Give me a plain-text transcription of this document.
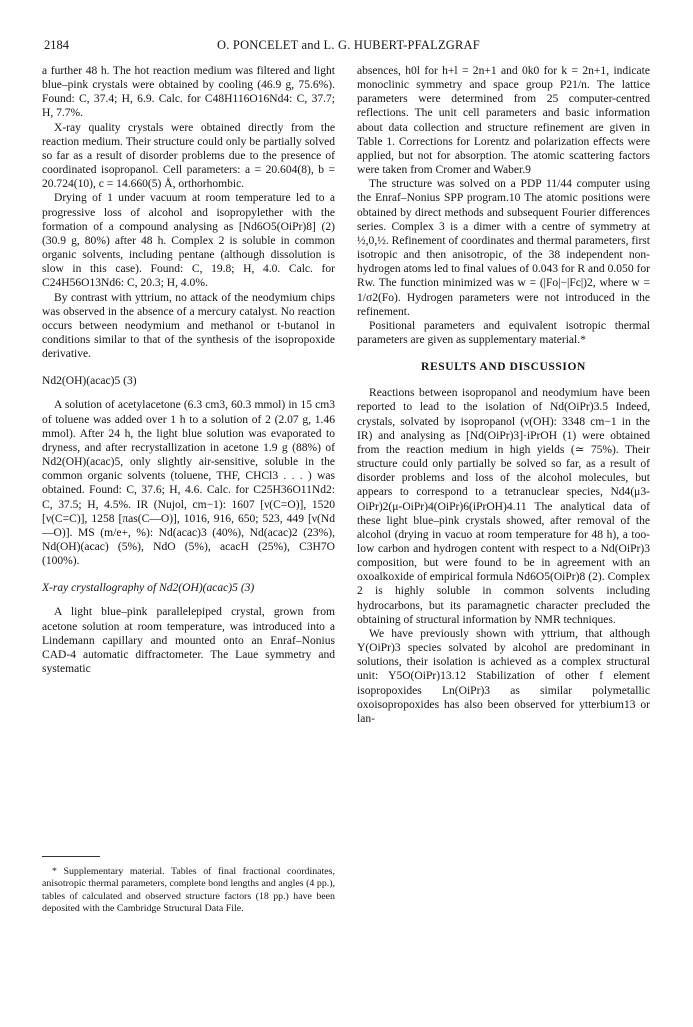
2184	O. PONCELET and L. G. HUBERT-PFALZGRAF

a further 48 h. The hot reaction medium was filtered and light blue–pink crystals were obtained by cooling (46.9 g, 75.6%). Found: C, 37.4; H, 6.9. Calc. for C48H116O16Nd4: C, 37.7; H, 7.7%.

X-ray quality crystals were obtained directly from the reaction medium. Their structure could only be partially solved so far as a result of disorder problems due to the presence of coordinated isopropanol. Cell parameters: a = 20.604(8), b = 20.724(10), c = 14.660(5) Å, orthorhombic.

Drying of 1 under vacuum at room temperature led to a progressive loss of alcohol and isopropylether with the formation of a compound analysing as [Nd6O5(OiPr)8] (2) (30.9 g, 80%) after 48 h. Complex 2 is soluble in common organic solvents, including pentane (although dissolution is slow in this case). Found: C, 19.8; H, 4.0. Calc. for C24H56O13Nd6: C, 20.3; H, 4.0%.

By contrast with yttrium, no attack of the neodymium chips was observed in the absence of a mercury catalyst. No reaction occurs between neodymium and methanol or t-butanol in conditions similar to that of the synthesis of the isopropoxide derivative.

Nd2(OH)(acac)5 (3)

A solution of acetylacetone (6.3 cm3, 60.3 mmol) in 15 cm3 of toluene was added over 1 h to a solution of 2 (2.07 g, 1.46 mmol). After 24 h, the light blue solution was evaporated to dryness, and after recrystallization in acetone 1.9 g (88%) of Nd2(OH)(acac)5, only slightly air-sensitive, soluble in the common organic solvents (toluene, THF, CHCl3 . . . ) was obtained. Found: C, 37.6; H, 4.6. Calc. for C25H36O11Nd2: C, 37.5; H, 4.5%. IR (Nujol, cm−1): 1607 [ν(C=O)], 1520 [ν(C=C)], 1258 [πas(C—O)], 1016, 916, 650; 523, 449 [ν(Nd—O)]. MS (m/e+, %): Nd(acac)3 (40%), Nd(acac)2 (23%), Nd(OH)(acac) (5%), NdO (5%), acacH (25%), C3H7O (100%).

X-ray crystallography of Nd2(OH)(acac)5 (3)

A light blue–pink parallelepiped crystal, grown from acetone solution at room temperature, was introduced into a Lindemann capillary and mounted onto an Enraf–Nonius CAD-4 automatic diffractometer. The Laue symmetry and systematic

* Supplementary material. Tables of final fractional coordinates, anisotropic thermal parameters, complete bond lengths and angles (4 pp.), tables of calculated and observed structure factors (18 pp.) have been deposited with the Cambridge Structural Data File.

absences, h0l for h+l = 2n+1 and 0k0 for k = 2n+1, indicate monoclinic symmetry and space group P21/n. The lattice parameters were determined from 25 computer-centred reflections. The unit cell parameters and basic information about data collection and structure refinement are given in Table 1. Corrections for Lorentz and polarization effects were applied, but not for absorption. The atomic scattering factors were taken from Cromer and Waber.9

The structure was solved on a PDP 11/44 computer using the Enraf–Nonius SPP program.10 The atomic positions were obtained by direct methods and subsequent Fourier differences series. Complex 3 is a dimer with a centre of symmetry at ½,0,½. Refinement of coordinates and thermal parameters, first isotropic and then anisotropic, of the 38 independent non-hydrogen atoms led to final values of 0.043 for R and 0.050 for Rw. The function minimized was w = (|Fo|−|Fc|)2, where w = 1/σ2(Fo). Hydrogen parameters were not introduced in the refinement.

Positional parameters and equivalent isotropic thermal parameters are given as supplementary material.*

RESULTS AND DISCUSSION

Reactions between isopropanol and neodymium have been reported to lead to the isolation of Nd(OiPr)3.5 Indeed, crystals, solvated by isopropanol (ν(OH): 3348 cm−1 in the IR) and analysing as [Nd(OiPr)3]·iPrOH (1) were obtained from the reaction medium in high yields (≃ 75%). Their structure could only partially be solved so far, as a result of disorder problems and loss of the alcohol molecules, but appears to correspond to a tetranuclear species, Nd4(μ3-OiPr)2(μ-OiPr)4(OiPr)6(iPrOH)4.11 The analytical data of these light blue–pink crystals showed, after removal of the alcohol (drying in vacuo at room temperature for 48 h), a too-low carbon and hydrogen content with respect to a Nd(OiPr)3 composition, but were found to be in agreement with an oxoalkoxide of empirical formula Nd6O5(OiPr)8 (2). Complex 2 is highly soluble in common solvents including hydrocarbons, but its paramagnetic character precluded the obtaining of structural information by NMR techniques.

We have previously shown with yttrium, that although Y(OiPr)3 species solvated by alcohol are predominant in solutions, their isolation is achieved as a complex structural unit: Y5O(OiPr)13.12 Stabilization of other f element isopropoxides Ln(OiPr)3 as similar polymetallic oxoisopropoxides has also been observed for ytterbium13 or lan-
